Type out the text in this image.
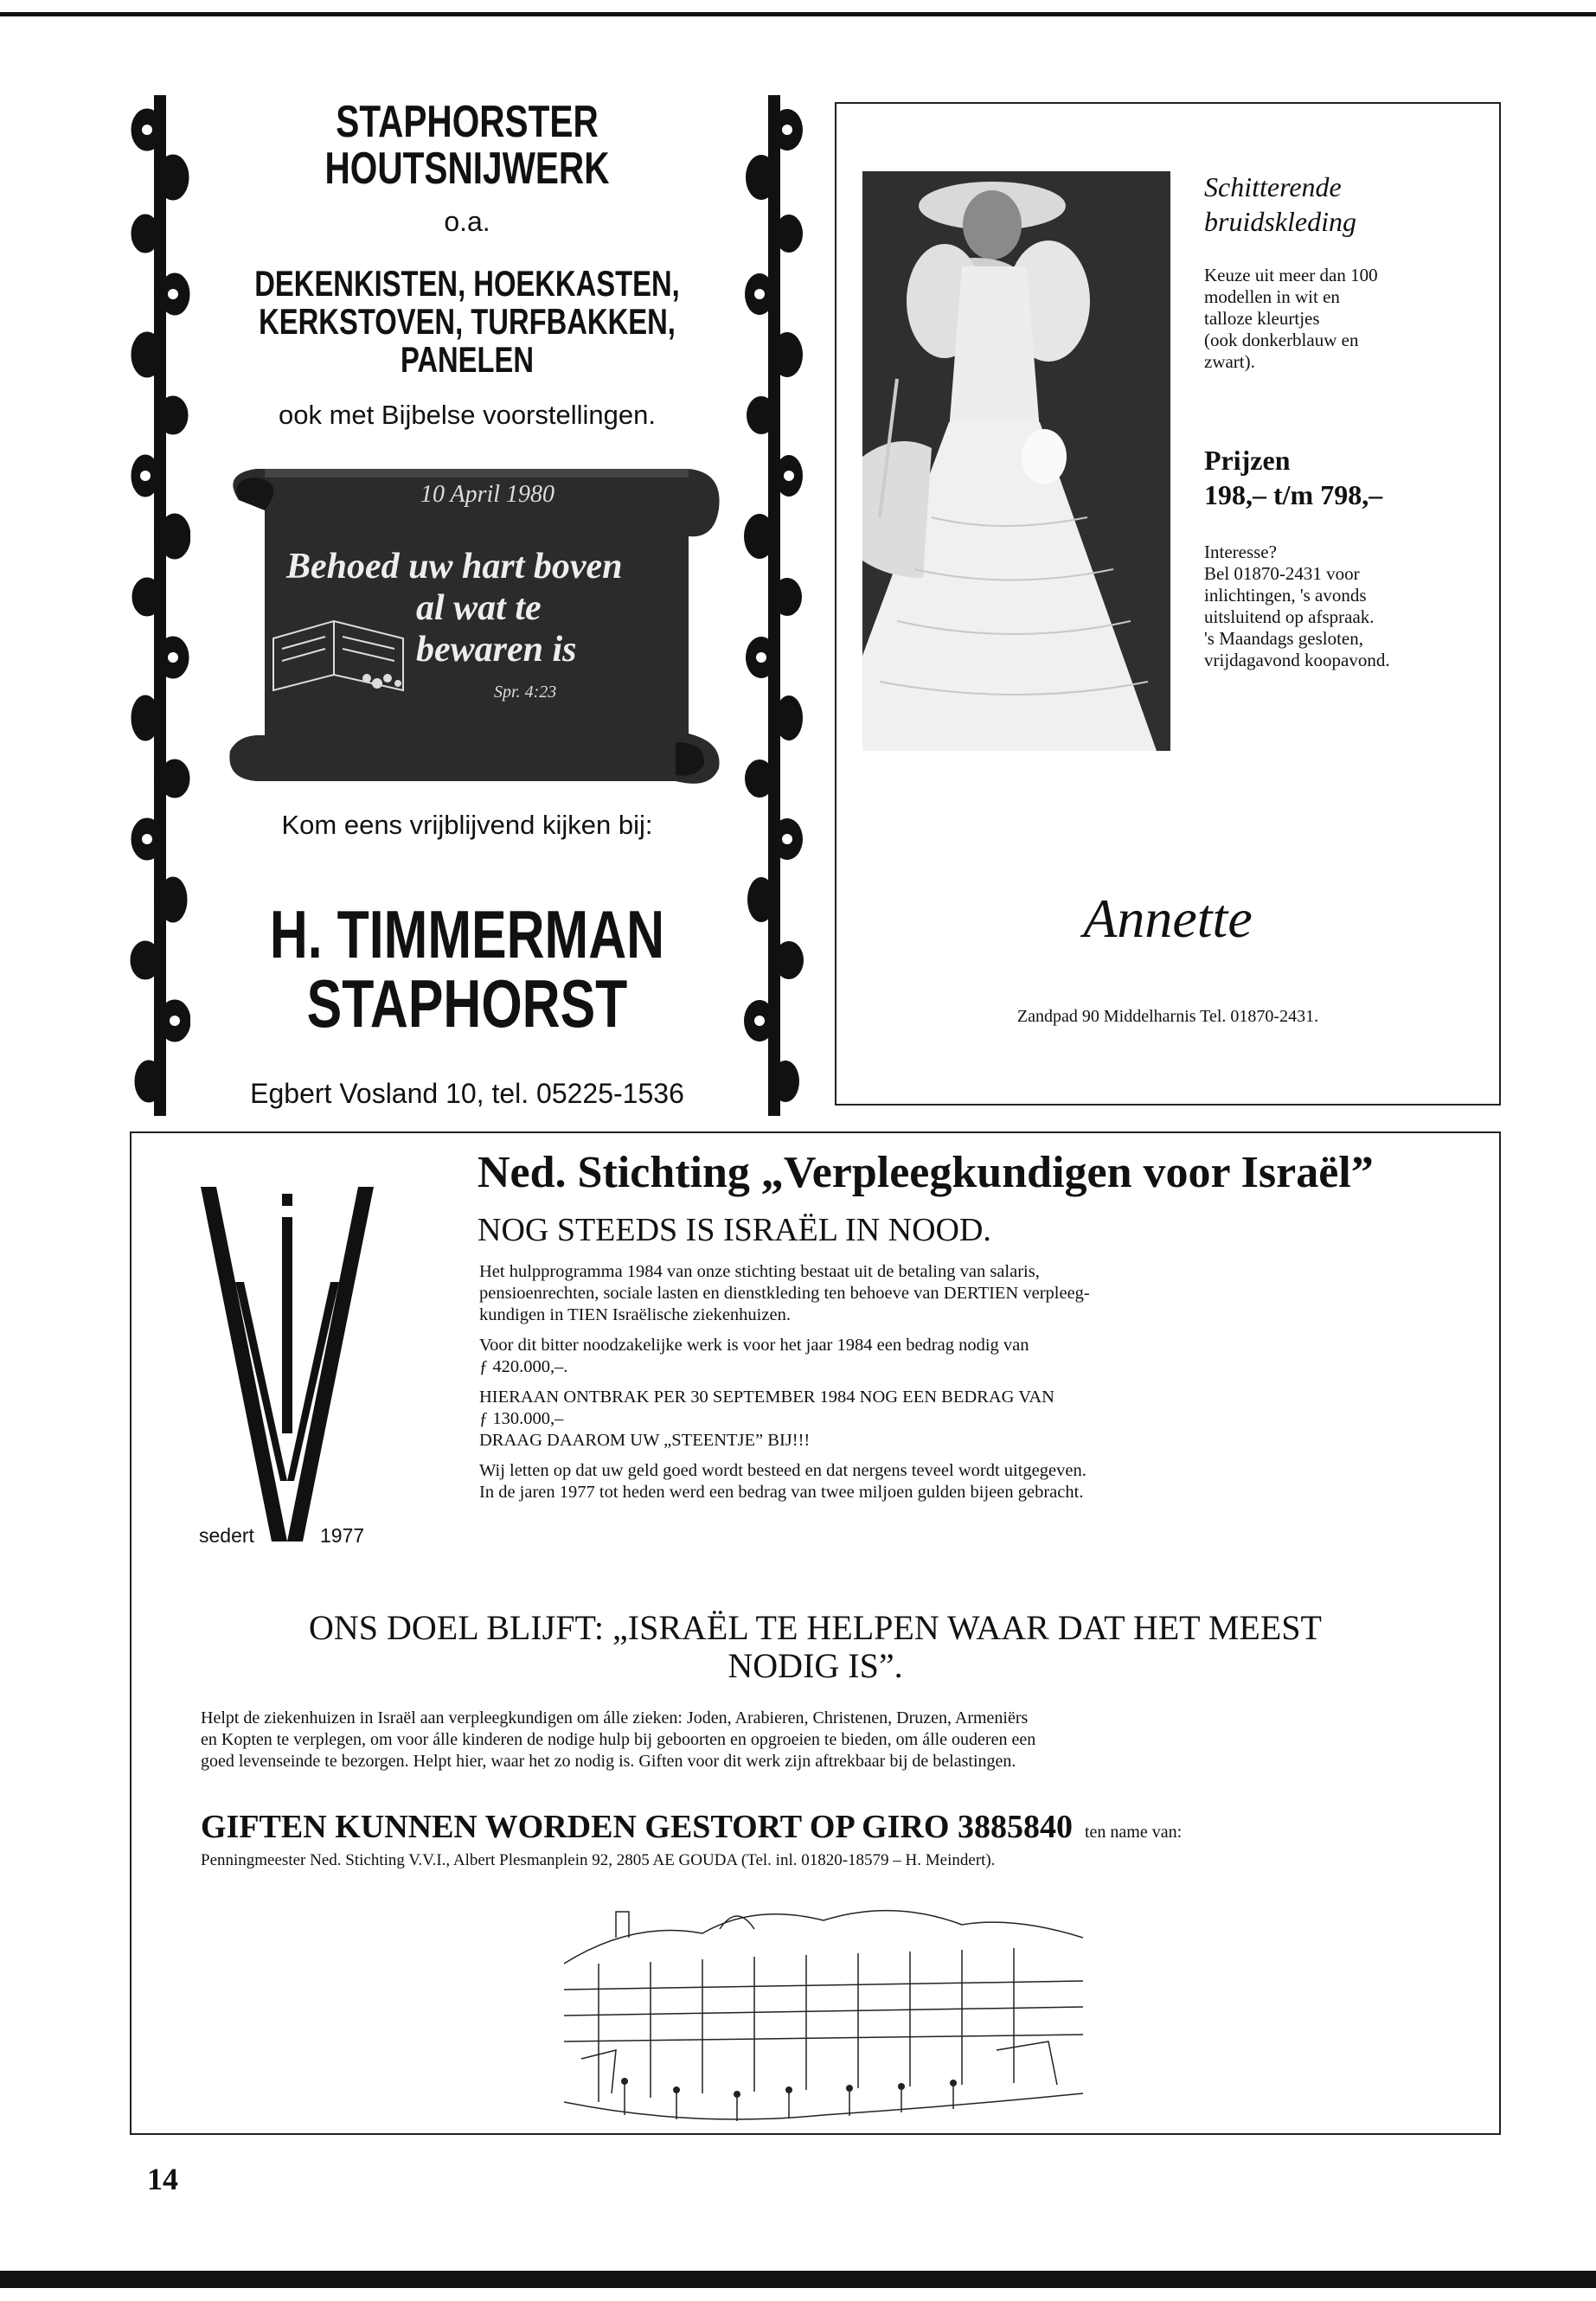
STAPHORSTER
HOUTSNIJWERK
o.a.
DEKENKISTEN, HOEKKASTEN,
KERKSTOVEN, TURFBAKKEN,
PANELEN
ook met Bijbelse voorstellingen.
10 April 1980
Behoed uw hart boven
al wat te
bewaren is
Spr. 4:23
Kom eens vrijblijvend kijken bij:
H. TIMMERMAN
STAPHORST
Egbert Vosland 10, tel. 05225-1536
Schitterende
bruidskleding
Keuze uit meer dan 100
modellen in wit en
talloze kleurtjes
(ook donkerblauw en
zwart).
Prijzen
198,– t/m 798,–
Interesse?
Bel 01870-2431 voor
inlichtingen, 's avonds
uitsluitend op afspraak.
's Maandags gesloten,
vrijdagavond koopavond.
Annette
Zandpad 90 Middelharnis Tel. 01870-2431.
sedert	1977
Ned. Stichting „Verpleegkundigen voor Israël”
NOG STEEDS IS ISRAËL IN NOOD.
Het hulpprogramma 1984 van onze stichting bestaat uit de betaling van salaris,
pensioenrechten, sociale lasten en dienstkleding ten behoeve van DERTIEN verpleeg-
kundigen in TIEN Israëlische ziekenhuizen.
Voor dit bitter noodzakelijke werk is voor het jaar 1984 een bedrag nodig van
ƒ 420.000,–.
HIERAAN ONTBRAK PER 30 SEPTEMBER 1984 NOG EEN BEDRAG VAN
ƒ 130.000,–
DRAAG DAAROM UW „STEENTJE” BIJ!!!
Wij letten op dat uw geld goed wordt besteed en dat nergens teveel wordt uitgegeven.
In de jaren 1977 tot heden werd een bedrag van twee miljoen gulden bijeen gebracht.
ONS DOEL BLIJFT: „ISRAËL TE HELPEN WAAR DAT HET MEEST
NODIG IS”.
Helpt de ziekenhuizen in Israël aan verpleegkundigen om álle zieken: Joden, Arabieren, Christenen, Druzen, Armeniërs
en Kopten te verplegen, om voor álle kinderen de nodige hulp bij geboorten en opgroeien te bieden, om álle ouderen een
goed levenseinde te bezorgen. Helpt hier, waar het zo nodig is. Giften voor dit werk zijn aftrekbaar bij de belastingen.
GIFTEN KUNNEN WORDEN GESTORT OP GIRO 3885840 ten name van:
Penningmeester Ned. Stichting V.V.I., Albert Plesmanplein 92, 2805 AE GOUDA (Tel. inl. 01820-18579 – H. Meindert).
14
